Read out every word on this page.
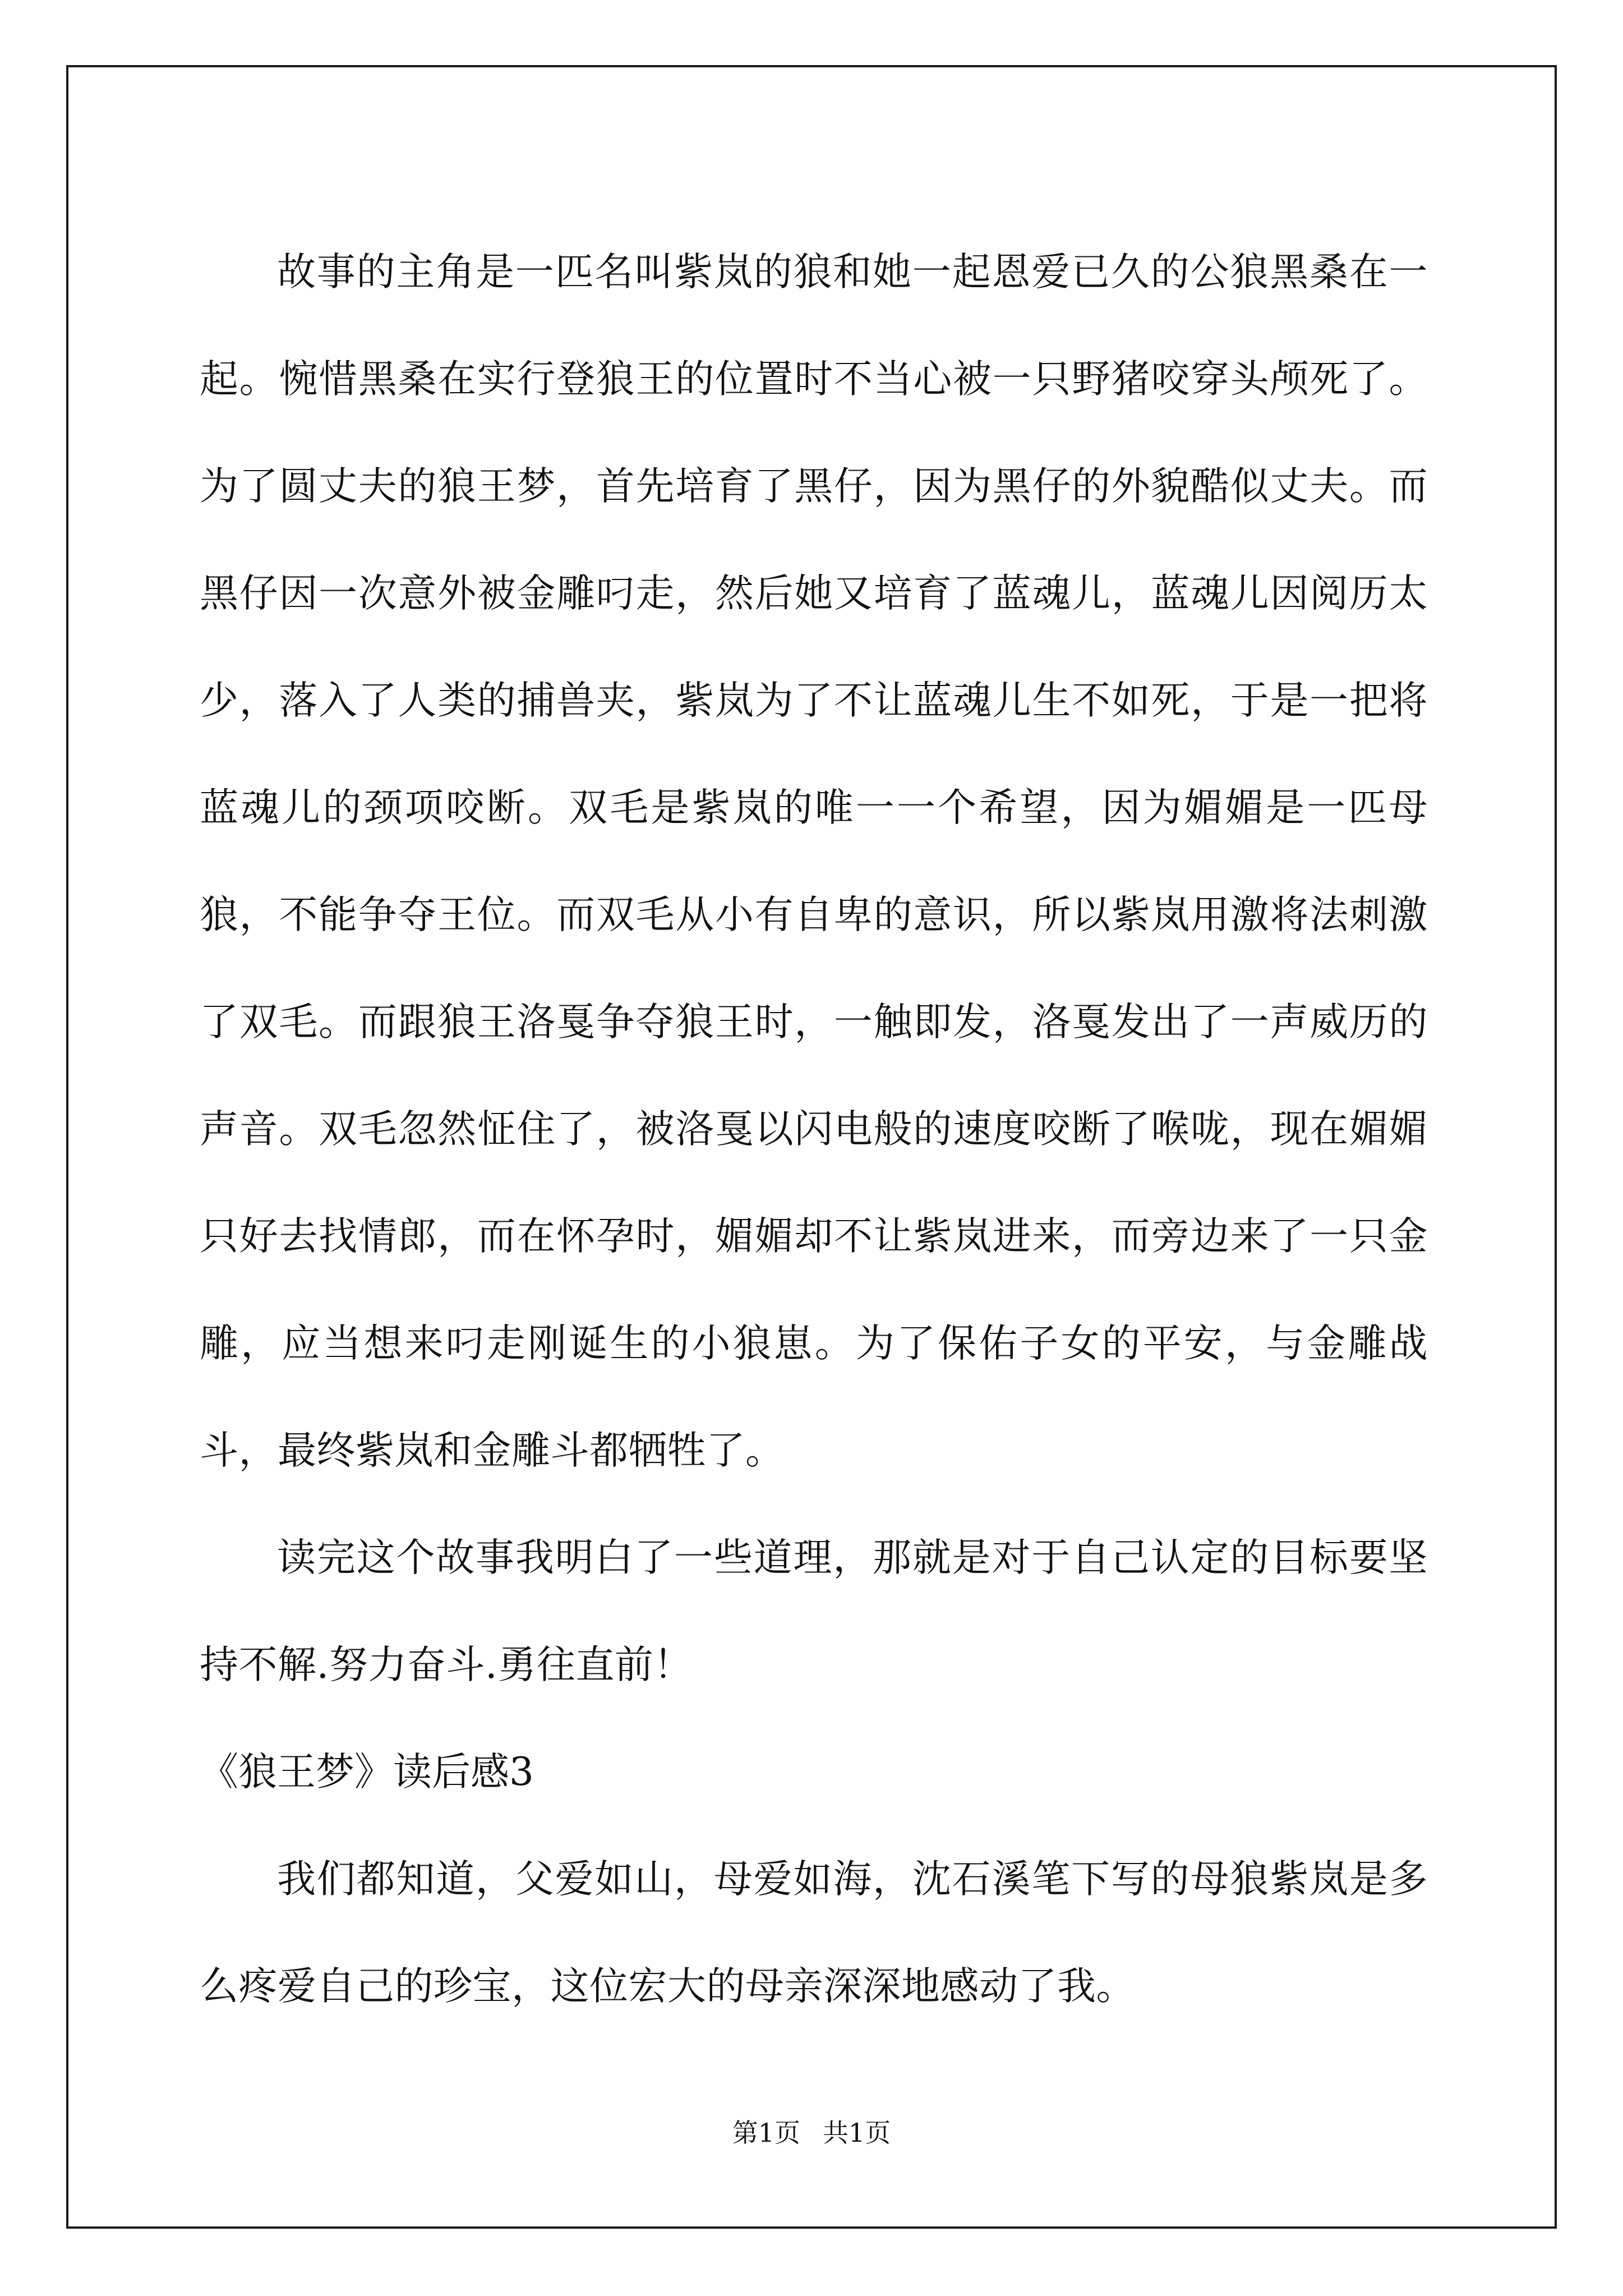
故事的主角是一匹名叫紫岚的狼和她一起恩爱已久的公狼黑桑在一起。惋惜黑桑在实行登狼王的位置时不当心被一只野猪咬穿头颅死了。为了圆丈夫的狼王梦，首先培育了黑仔，因为黑仔的外貌酷似丈夫。而黑仔因一次意外被金雕叼走，然后她又培育了蓝魂儿，蓝魂儿因阅历太少，落入了人类的捕兽夹，紫岚为了不让蓝魂儿生不如死，于是一把将蓝魂儿的颈项咬断。双毛是紫岚的唯一一个希望，因为媚媚是一匹母狼，不能争夺王位。而双毛从小有自卑的意识，所以紫岚用激将法刺激了双毛。而跟狼王洛戛争夺狼王时，一触即发，洛戛发出了一声威历的声音。双毛忽然怔住了，被洛戛以闪电般的速度咬断了喉咙，现在媚媚只好去找情郎，而在怀孕时，媚媚却不让紫岚进来，而旁边来了一只金雕，应当想来叼走刚诞生的小狼崽。为了保佑子女的平安，与金雕战斗，最终紫岚和金雕斗都牺牲了。

读完这个故事我明白了一些道理，那就是对于自己认定的目标要坚持不解.努力奋斗.勇往直前！

《狼王梦》读后感3

我们都知道，父爱如山，母爱如海，沈石溪笔下写的母狼紫岚是多么疼爱自己的珍宝，这位宏大的母亲深深地感动了我。

第1页 共1页
